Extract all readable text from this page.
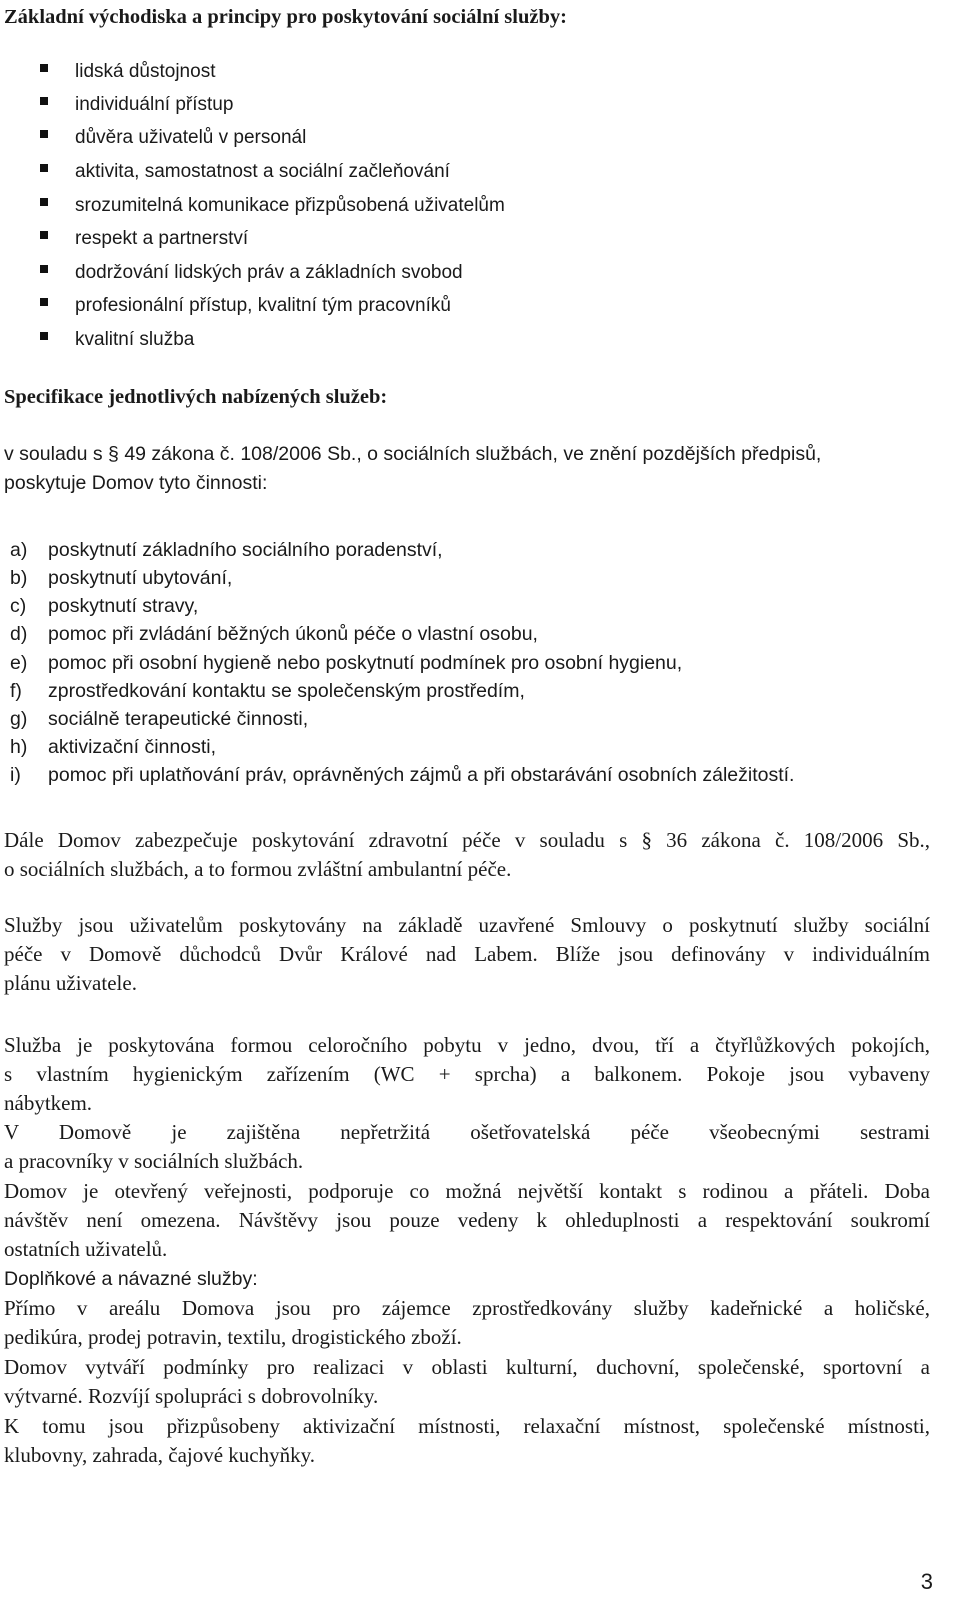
Základní východiska a principy pro poskytování sociální služby:
lidská důstojnost
individuální přístup
důvěra uživatelů v personál
aktivita, samostatnost a sociální začleňování
srozumitelná komunikace přizpůsobená uživatelům
respekt a partnerství
dodržování lidských práv a základních svobod
profesionální přístup, kvalitní tým pracovníků
kvalitní služba
Specifikace jednotlivých nabízených služeb:
v souladu s § 49 zákona č. 108/2006 Sb., o sociálních službách, ve znění pozdějších předpisů,
poskytuje Domov tyto činnosti:
a) poskytnutí základního sociálního poradenství,
b) poskytnutí ubytování,
c) poskytnutí stravy,
d) pomoc při zvládání běžných úkonů péče o vlastní osobu,
e) pomoc při osobní hygieně nebo poskytnutí podmínek pro osobní hygienu,
f) zprostředkování kontaktu se společenským prostředím,
g) sociálně terapeutické činnosti,
h) aktivizační činnosti,
i) pomoc při uplatňování práv, oprávněných zájmů a při obstarávání osobních záležitostí.
Dále Domov zabezpečuje poskytování zdravotní péče v souladu s § 36 zákona č. 108/2006 Sb.,
o sociálních službách, a to formou zvláštní ambulantní péče.
Služby jsou uživatelům poskytovány na základě uzavřené Smlouvy o poskytnutí služby sociální
péče v Domově důchodců Dvůr Králové nad Labem. Blíže jsou definovány v individuálním
plánu uživatele.
Služba je poskytována formou celoročního pobytu v jedno, dvou, tří a čtyřlůžkových pokojích,
s vlastním hygienickým zařízením (WC + sprcha) a balkonem. Pokoje jsou vybaveny
nábytkem.
V Domově je zajištěna nepřetržitá ošetřovatelská péče všeobecnými sestrami
a pracovníky v sociálních službách.
Domov je otevřený veřejnosti, podporuje co možná největší kontakt s rodinou a přáteli. Doba
návštěv není omezena. Návštěvy jsou pouze vedeny k ohleduplnosti a respektování soukromí
ostatních uživatelů.
Doplňkové a návazné služby:
Přímo v areálu Domova jsou pro zájemce zprostředkovány služby kadeřnické a holičské,
pedikúra, prodej potravin, textilu, drogistického zboží.
Domov vytváří podmínky pro realizaci v oblasti kulturní, duchovní, společenské, sportovní a
výtvarné. Rozvíjí spolupráci s dobrovolníky.
K tomu jsou přizpůsobeny aktivizační místnosti, relaxační místnost, společenské místnosti,
klubovny, zahrada, čajové kuchyňky.
3
